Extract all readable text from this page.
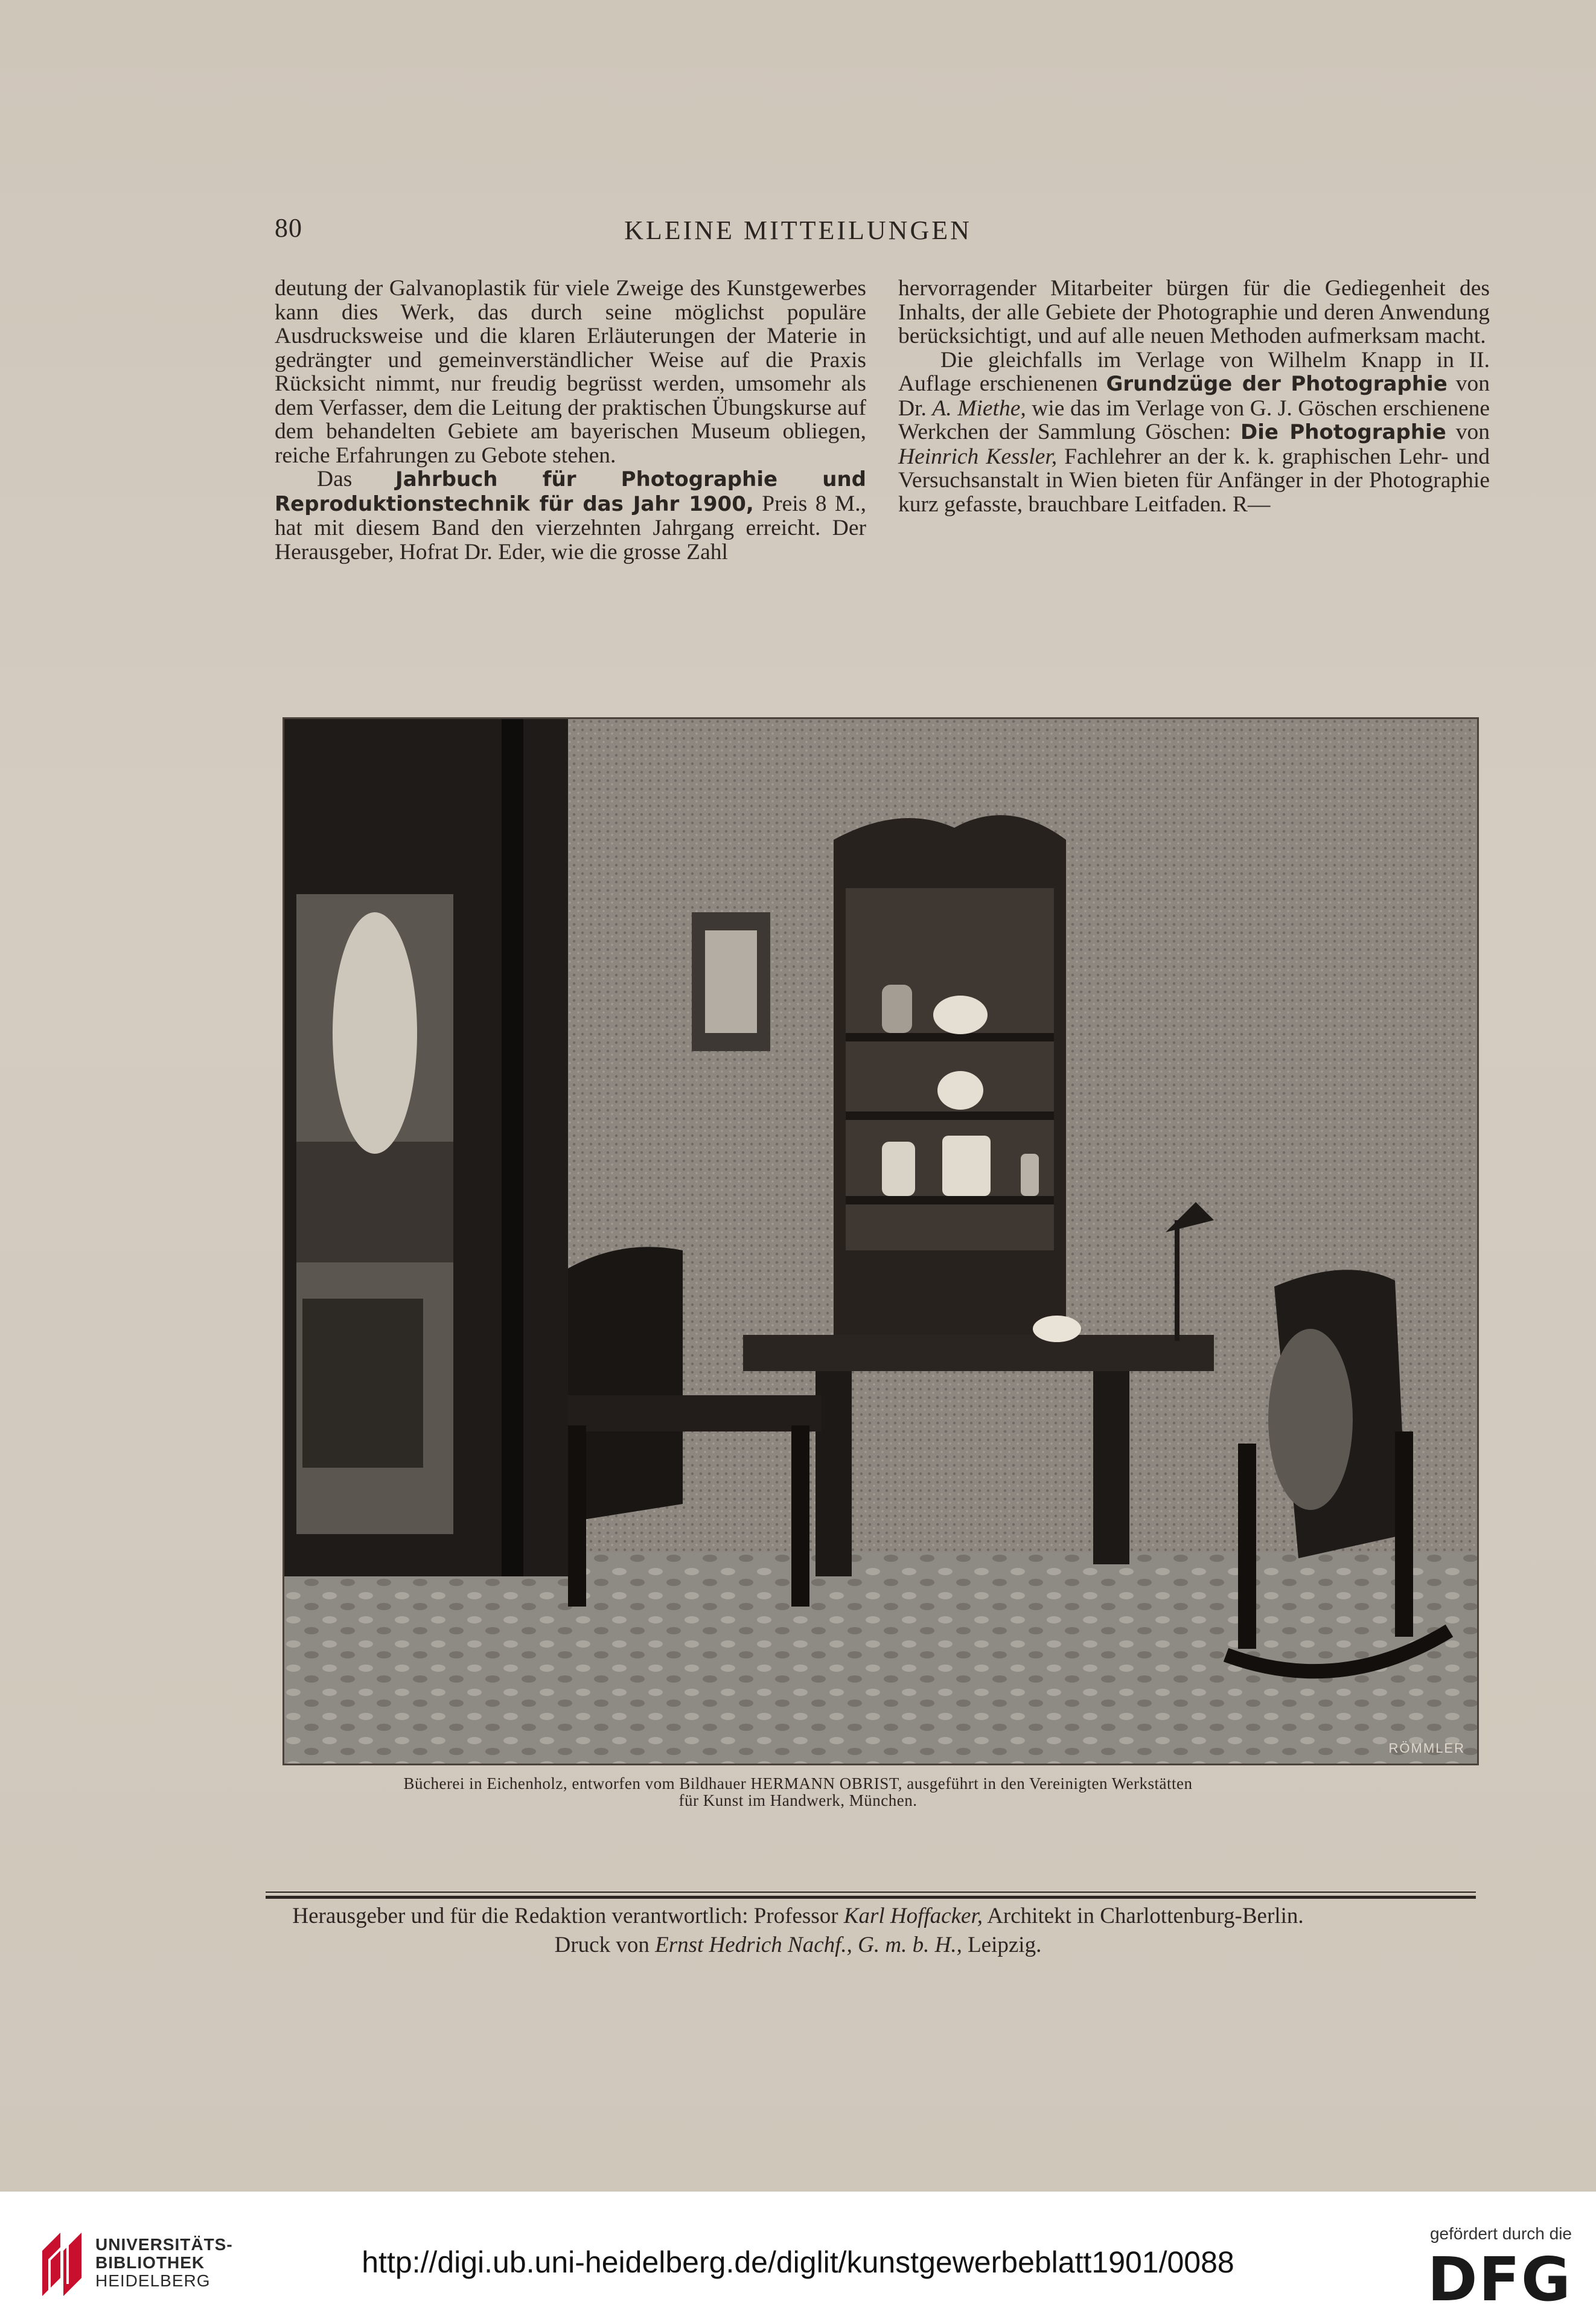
80	KLEINE MITTEILUNGEN

deutung der Galvanoplastik für viele Zweige des Kunstgewerbes kann dies Werk, das durch seine möglichst populäre Ausdrucksweise und die klaren Erläuterungen der Materie in gedrängter und gemeinverständlicher Weise auf die Praxis Rücksicht nimmt, nur freudig begrüsst werden, umsomehr als dem Verfasser, dem die Leitung der praktischen Übungskurse auf dem behandelten Gebiete am bayerischen Museum obliegen, reiche Erfahrungen zu Gebote stehen.

Das Jahrbuch für Photographie und Reproduktionstechnik für das Jahr 1900, Preis 8 M., hat mit diesem Band den vierzehnten Jahrgang erreicht. Der Herausgeber, Hofrat Dr. Eder, wie die grosse Zahl

hervorragender Mitarbeiter bürgen für die Gediegenheit des Inhalts, der alle Gebiete der Photographie und deren Anwendung berücksichtigt, und auf alle neuen Methoden aufmerksam macht.

Die gleichfalls im Verlage von Wilhelm Knapp in II. Auflage erschienenen Grundzüge der Photographie von Dr. A. Miethe, wie das im Verlage von G. J. Göschen erschienene Werkchen der Sammlung Göschen: Die Photographie von Heinrich Kessler, Fachlehrer an der k. k. graphischen Lehr- und Versuchsanstalt in Wien bieten für Anfänger in der Photographie kurz gefasste, brauchbare Leitfaden. R—

RÖMMLER

Bücherei in Eichenholz, entworfen vom Bildhauer HERMANN OBRIST, ausgeführt in den Vereinigten Werkstätten

für Kunst im Handwerk, München.

Herausgeber und für die Redaktion verantwortlich: Professor Karl Hoffacker, Architekt in Charlottenburg-Berlin.

Druck von Ernst Hedrich Nachf., G. m. b. H., Leipzig.

UNIVERSITÄTS-
BIBLIOTHEK
HEIDELBERG
http://digi.ub.uni-heidelberg.de/diglit/kunstgewerbeblatt1901/0088
gefördert durch die
DFG
